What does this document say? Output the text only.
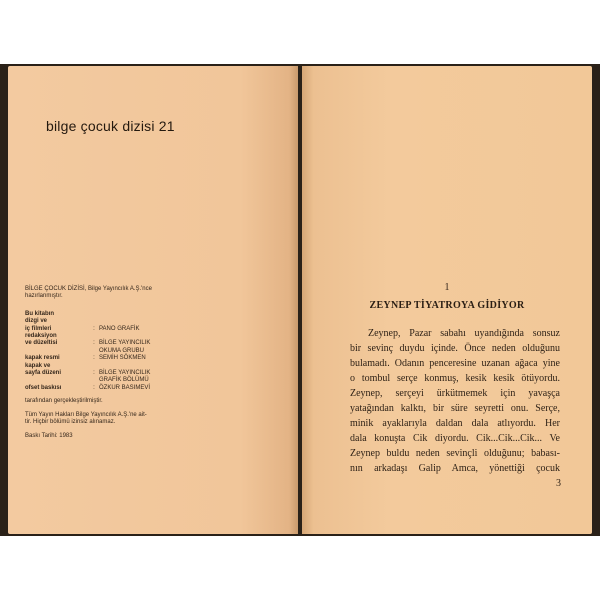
bilge çocuk dizisi 21

BİLGE ÇOCUK DİZİSİ, Bilge Yayıncılık A.Ş.'nce

hazırlanmıştır.

Bu kitabın
dizgi ve
iç filmleri	: PANO GRAFİK
redaksiyon
ve düzeltisi	: BİLGE YAYINCILIK
OKUMA GRUBU
kapak resmi	: SEMİH SÖKMEN
kapak ve
sayfa düzeni	: BİLGE YAYINCILIK
GRAFİK BÖLÜMÜ
ofset baskısı	: ÖZKUR BASIMEVİ

tarafından gerçekleştirilmiştir.

Tüm Yayın Hakları Bilge Yayıncılık A.Ş.'ne ait-

tir. Hiçbir bölümü izinsiz alınamaz.

Baskı Tarihi: 1983

1
ZEYNEP TİYATROYA GİDİYOR
Zeynep, Pazar sabahı uyandığında sonsuz
bir sevinç duydu içinde. Önce neden olduğunu
bulamadı. Odanın penceresine uzanan ağaca yine
o tombul serçe konmuş, kesik kesik ötüyordu.
Zeynep, serçeyi ürkütmemek için yavaşça
yatağından kalktı, bir süre seyretti onu. Serçe,
minik ayaklarıyla daldan dala atlıyordu. Her
dala konuşta Cik diyordu. Cik...Cik...Cik... Ve
Zeynep buldu neden sevinçli olduğunu; babası-
nın arkadaşı Galip Amca, yönettiği çocuk
3
